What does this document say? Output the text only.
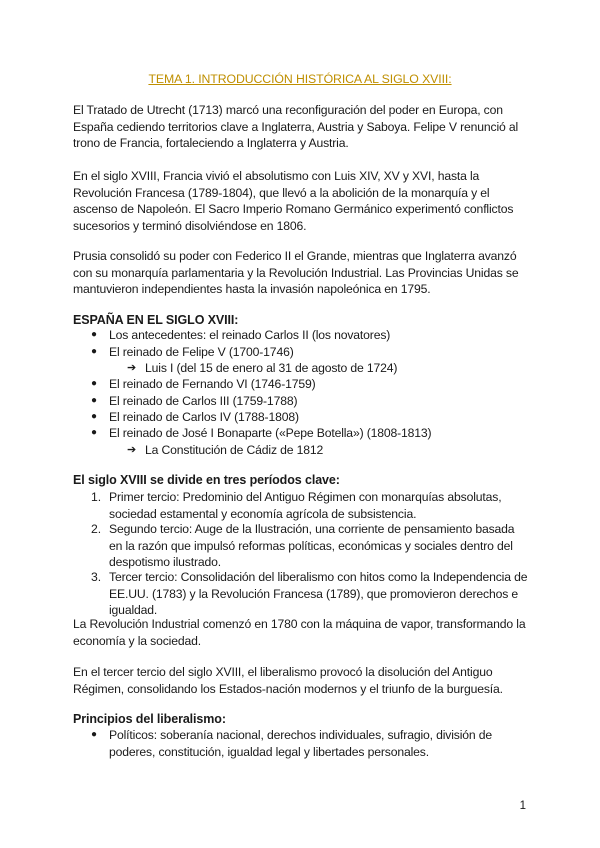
TEMA 1. INTRODUCCIÓN HISTÓRICA AL SIGLO XVIII:

El Tratado de Utrecht (1713) marcó una reconfiguración del poder en Europa, con España cediendo territorios clave a Inglaterra, Austria y Saboya. Felipe V renunció al trono de Francia, fortaleciendo a Inglaterra y Austria.

En el siglo XVIII, Francia vivió el absolutismo con Luis XIV, XV y XVI, hasta la Revolución Francesa (1789-1804), que llevó a la abolición de la monarquía y el ascenso de Napoleón. El Sacro Imperio Romano Germánico experimentó conflictos sucesorios y terminó disolviéndose en 1806.

Prusia consolidó su poder con Federico II el Grande, mientras que Inglaterra avanzó con su monarquía parlamentaria y la Revolución Industrial. Las Provincias Unidas se mantuvieron independientes hasta la invasión napoleónica en 1795.

ESPAÑA EN EL SIGLO XVIII:
● Los antecedentes: el reinado Carlos II (los novatores)
● El reinado de Felipe V (1700-1746)
➔ Luis I (del 15 de enero al 31 de agosto de 1724)
● El reinado de Fernando VI (1746-1759)
● El reinado de Carlos III (1759-1788)
● El reinado de Carlos IV (1788-1808)
● El reinado de José I Bonaparte («Pepe Botella») (1808-1813)
➔ La Constitución de Cádiz de 1812
El siglo XVIII se divide en tres períodos clave:
1. Primer tercio: Predominio del Antiguo Régimen con monarquías absolutas, sociedad estamental y economía agrícola de subsistencia.
2. Segundo tercio: Auge de la Ilustración, una corriente de pensamiento basada en la razón que impulsó reformas políticas, económicas y sociales dentro del despotismo ilustrado.
3. Tercer tercio: Consolidación del liberalismo con hitos como la Independencia de EE.UU. (1783) y la Revolución Francesa (1789), que promovieron derechos e igualdad.

La Revolución Industrial comenzó en 1780 con la máquina de vapor, transformando la economía y la sociedad.

En el tercer tercio del siglo XVIII, el liberalismo provocó la disolución del Antiguo Régimen, consolidando los Estados-nación modernos y el triunfo de la burguesía.

Principios del liberalismo:
● Políticos: soberanía nacional, derechos individuales, sufragio, división de poderes, constitución, igualdad legal y libertades personales.
1
